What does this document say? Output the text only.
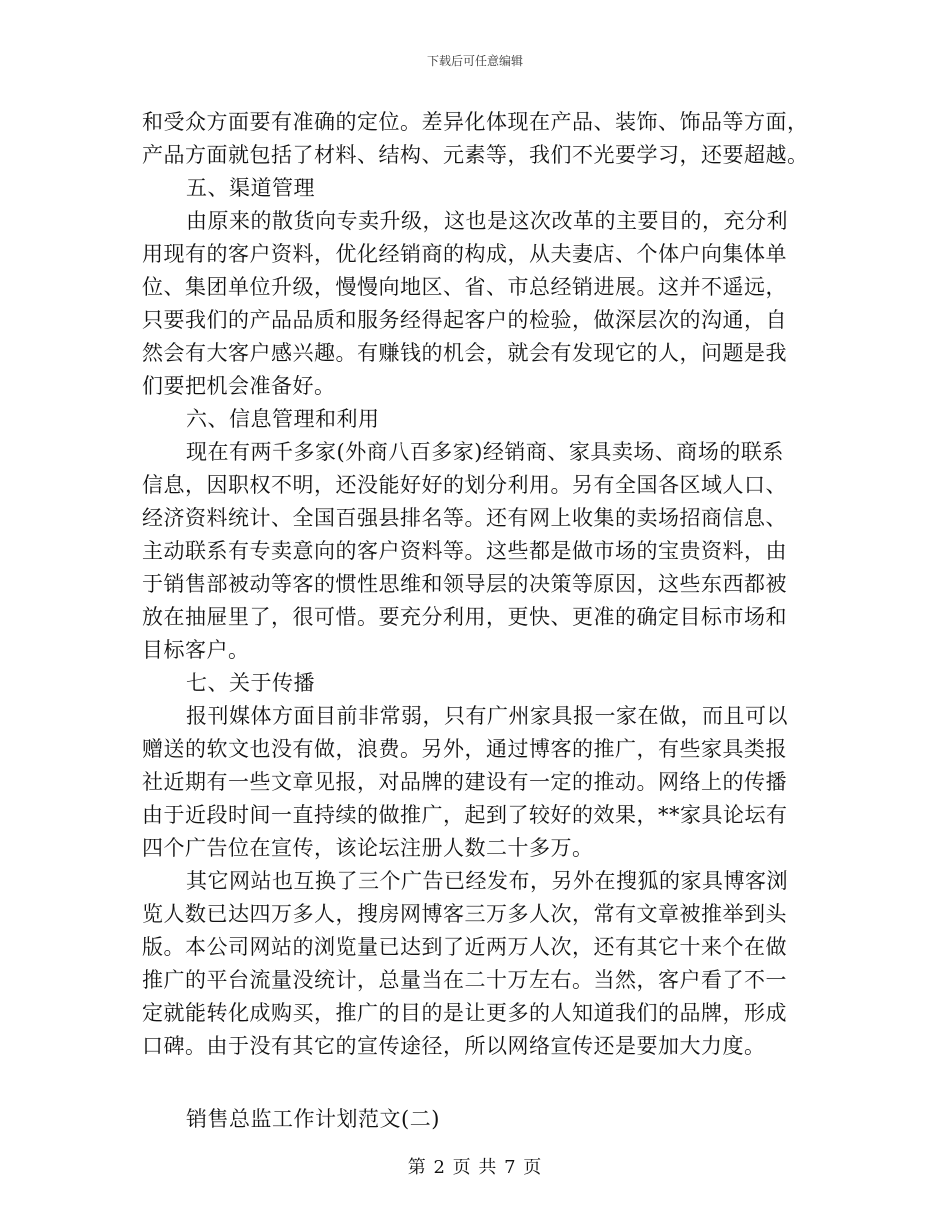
下载后可任意编辑
和受众方面要有准确的定位。差异化体现在产品、装饰、饰品等方面，
产品方面就包括了材料、结构、元素等，我们不光要学习，还要超越。
五、渠道管理
由原来的散货向专卖升级，这也是这次改革的主要目的，充分利
用现有的客户资料，优化经销商的构成，从夫妻店、个体户向集体单
位、集团单位升级，慢慢向地区、省、市总经销进展。这并不遥远，
只要我们的产品品质和服务经得起客户的检验，做深层次的沟通，自
然会有大客户感兴趣。有赚钱的机会，就会有发现它的人，问题是我
们要把机会准备好。
六、信息管理和利用
现在有两千多家(外商八百多家)经销商、家具卖场、商场的联系
信息，因职权不明，还没能好好的划分利用。另有全国各区域人口、
经济资料统计、全国百强县排名等。还有网上收集的卖场招商信息、
主动联系有专卖意向的客户资料等。这些都是做市场的宝贵资料，由
于销售部被动等客的惯性思维和领导层的决策等原因，这些东西都被
放在抽屉里了，很可惜。要充分利用，更快、更准的确定目标市场和
目标客户。
七、关于传播
报刊媒体方面目前非常弱，只有广州家具报一家在做，而且可以
赠送的软文也没有做，浪费。另外，通过博客的推广，有些家具类报
社近期有一些文章见报，对品牌的建设有一定的推动。网络上的传播
由于近段时间一直持续的做推广，起到了较好的效果，**家具论坛有
四个广告位在宣传，该论坛注册人数二十多万。
其它网站也互换了三个广告已经发布，另外在搜狐的家具博客浏
览人数已达四万多人，搜房网博客三万多人次，常有文章被推举到头
版。本公司网站的浏览量已达到了近两万人次，还有其它十来个在做
推广的平台流量没统计，总量当在二十万左右。当然，客户看了不一
定就能转化成购买，推广的目的是让更多的人知道我们的品牌，形成
口碑。由于没有其它的宣传途径，所以网络宣传还是要加大力度。
销售总监工作计划范文(二)
第 2 页 共 7 页
